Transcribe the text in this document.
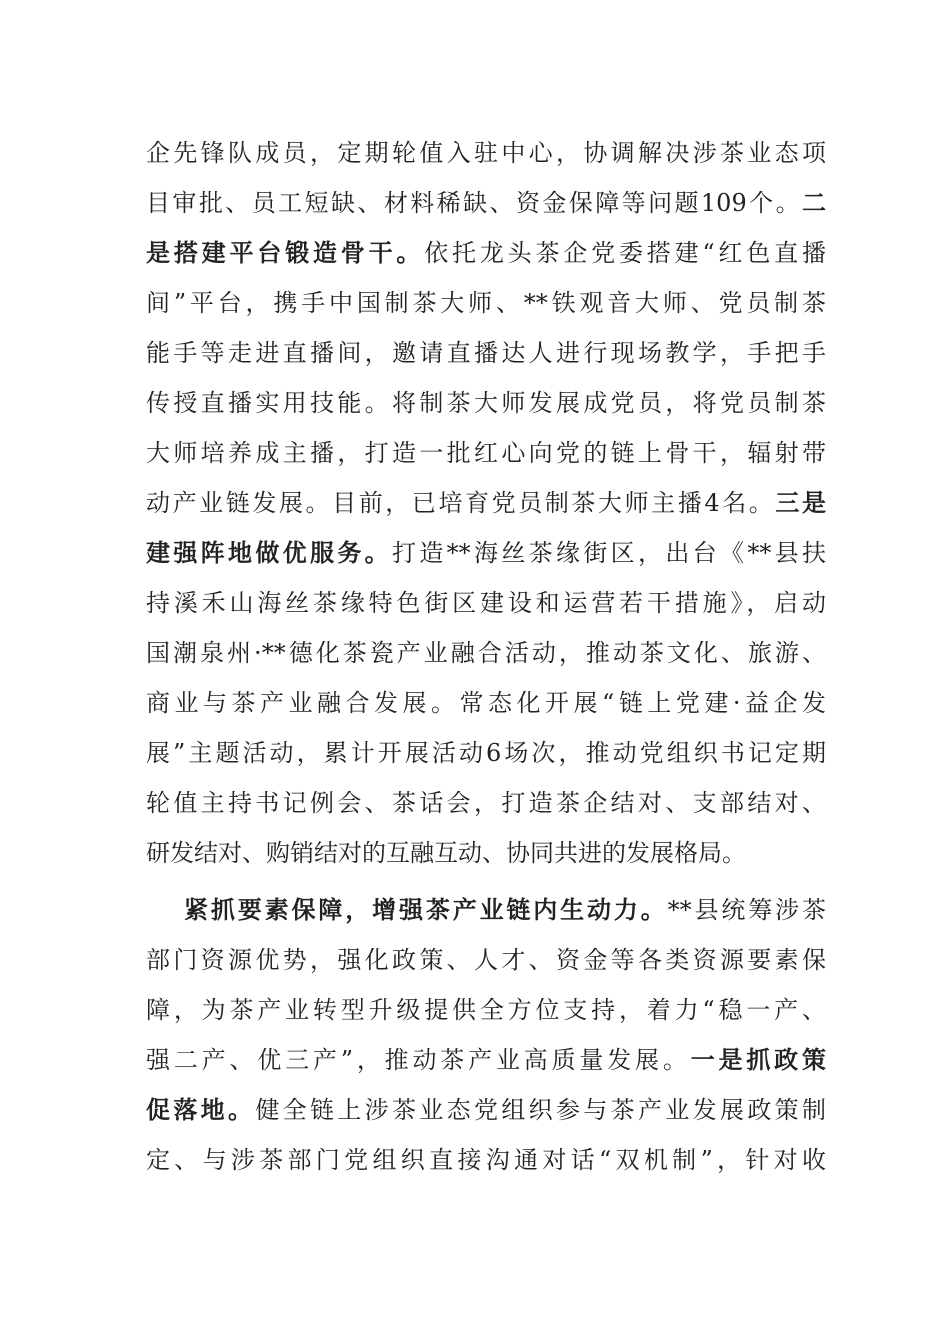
企先锋队成员，定期轮值入驻中心，协调解决涉茶业态项
目审批、员工短缺、材料稀缺、资金保障等问题109个。二
是搭建平台锻造骨干。依托龙头茶企党委搭建“红色直播
间”平台，携手中国制茶大师、**铁观音大师、党员制茶
能手等走进直播间，邀请直播达人进行现场教学，手把手
传授直播实用技能。将制茶大师发展成党员，将党员制茶
大师培养成主播，打造一批红心向党的链上骨干，辐射带
动产业链发展。目前，已培育党员制茶大师主播4名。三是
建强阵地做优服务。打造**海丝茶缘街区，出台《**县扶
持溪禾山海丝茶缘特色街区建设和运营若干措施》，启动
国潮泉州·**德化茶瓷产业融合活动，推动茶文化、旅游、
商业与茶产业融合发展。常态化开展“链上党建·益企发
展”主题活动，累计开展活动6场次，推动党组织书记定期
轮值主持书记例会、茶话会，打造茶企结对、支部结对、
研发结对、购销结对的互融互动、协同共进的发展格局。
紧抓要素保障，增强茶产业链内生动力。**县统筹涉茶
部门资源优势，强化政策、人才、资金等各类资源要素保
障，为茶产业转型升级提供全方位支持，着力“稳一产、
强二产、优三产”，推动茶产业高质量发展。一是抓政策
促落地。健全链上涉茶业态党组织参与茶产业发展政策制
定、与涉茶部门党组织直接沟通对话“双机制”，针对收
